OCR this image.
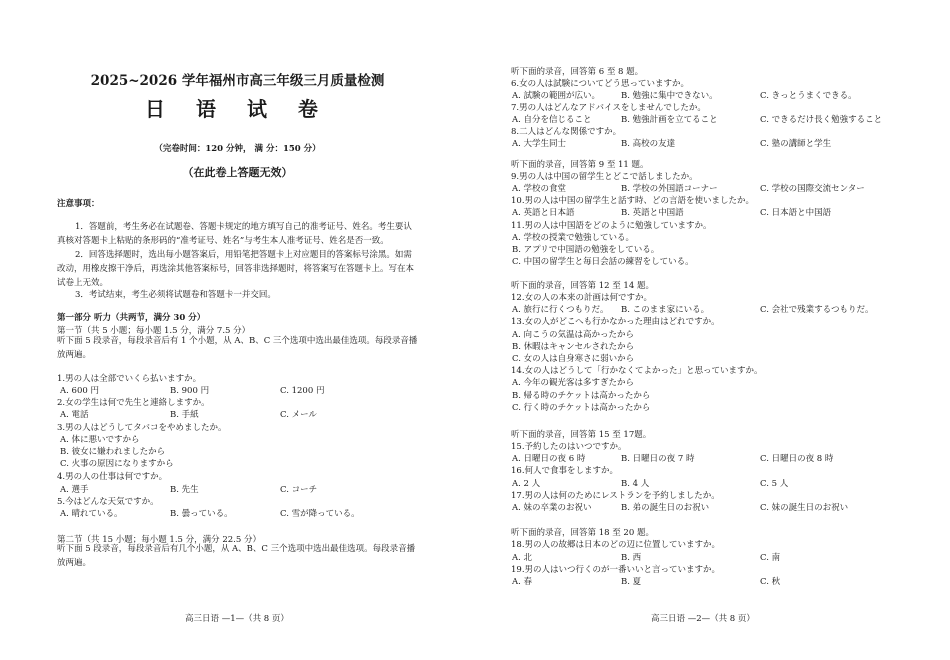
2025~2026 学年福州市高三年级三月质量检测
日 语 试 卷
（完卷时间：120 分钟， 满 分：150 分）
（在此卷上答题无效）
注意事项：
1．答题前，考生务必在试题卷、答题卡规定的地方填写自己的准考证号、姓名。考生要认真核对答题卡上粘贴的条形码的“准考证号、姓名”与考生本人准考证号、姓名是否一致。
2．回答选择题时，选出每小题答案后，用铅笔把答题卡上对应题目的答案标号涂黑。如需改动，用橡皮擦干净后，再选涂其他答案标号，回答非选择题时，将答案写在答题卡上。写在本试卷上无效。
3．考试结束，考生必须将试题卷和答题卡一并交回。
第一部分 听力（共两节，满分 30 分）
第一节（共 5 小题；每小题 1.5 分，满分 7.5 分）
听下面 5 段录音，每段录音后有 1 个小题，从 A、B、C 三个选项中选出最佳选项。每段录音播放两遍。
1.男の人は全部でいくら払いますか。
A. 600 円	B. 900 円	C. 1200 円
2.女の学生は何で先生と連絡しますか。
A. 電話	B. 手紙	C. メール
3.男の人はどうしてタバコをやめましたか。
A. 体に悪いですから
B. 彼女に嫌われましたから
C. 火事の原因になりますから
4.男の人の仕事は何ですか。
A. 選手	B. 先生	C. コーチ
5.今はどんな天気ですか。
A. 晴れている。	B. 曇っている。	C. 雪が降っている。
第二节（共 15 小题；每小题 1.5 分，满分 22.5 分）
听下面 5 段录音，每段录音后有几个小题，从 A、B、C 三个选项中选出最佳选项。每段录音播放两遍。
高三日语 —1—（共 8 页）
听下面的录音，回答第 6 至 8 题。
6.女の人は試験についてどう思っていますか。
A. 試験の範囲が広い。 B. 勉強に集中できない。	C. きっとうまくできる。
7.男の人はどんなアドバイスをしませんでしたか。
A. 自分を信じること	B. 勉強計画を立てること	C. できるだけ長く勉強すること
8.二人はどんな関係ですか。
A. 大学生同士	B. 高校の友達	C. 塾の講師と学生
听下面的录音，回答第 9 至 11 题。
9.男の人は中国の留学生とどこで話しましたか。
A. 学校の食堂	B. 学校の外国語コーナー	C. 学校の国際交流センター
10.男の人は中国の留学生と話す時、どの言語を使いましたか。
A. 英語と日本語	B. 英語と中国語	C. 日本語と中国語
11.男の人は中国語をどのように勉強していますか。
A. 学校の授業で勉強している。
B. アプリで中国語の勉強をしている。
C. 中国の留学生と毎日会話の練習をしている。
听下面的录音，回答第 12 至 14 题。
12.女の人の本来の計画は何ですか。
A. 旅行に行くつもりだ。 B. このまま家にいる。	C. 会社で残業するつもりだ。
13.女の人がどこへも行かなかった理由はどれですか。
A. 向こうの気温は高かったから
B. 休暇はキャンセルされたから
C. 女の人は自身寒さに弱いから
14.女の人はどうして「行かなくてよかった」と思っていますか。
A. 今年の観光客は多すぎたから
B. 帰る時のチケットは高かったから
C. 行く時のチケットは高かったから
听下面的录音，回答第 15 至 17题。
15.予約したのはいつですか。
A. 日曜日の夜 6 時	B. 日曜日の夜 7 時	C. 日曜日の夜 8 時
16.何人で食事をしますか。
A. 2 人	B. 4 人	C. 5 人
17.男の人は何のためにレストランを予約しましたか。
A. 妹の卒業のお祝い	B. 弟の誕生日のお祝い	C. 妹の誕生日のお祝い
听下面的录音，回答第 18 至 20 题。
18.男の人の故郷は日本のどの辺に位置していますか。
A. 北	B. 西	C. 南
19.男の人はいつ行くのが一番いいと言っていますか。
A. 春	B. 夏	C. 秋
高三日语 —2—（共 8 页）
